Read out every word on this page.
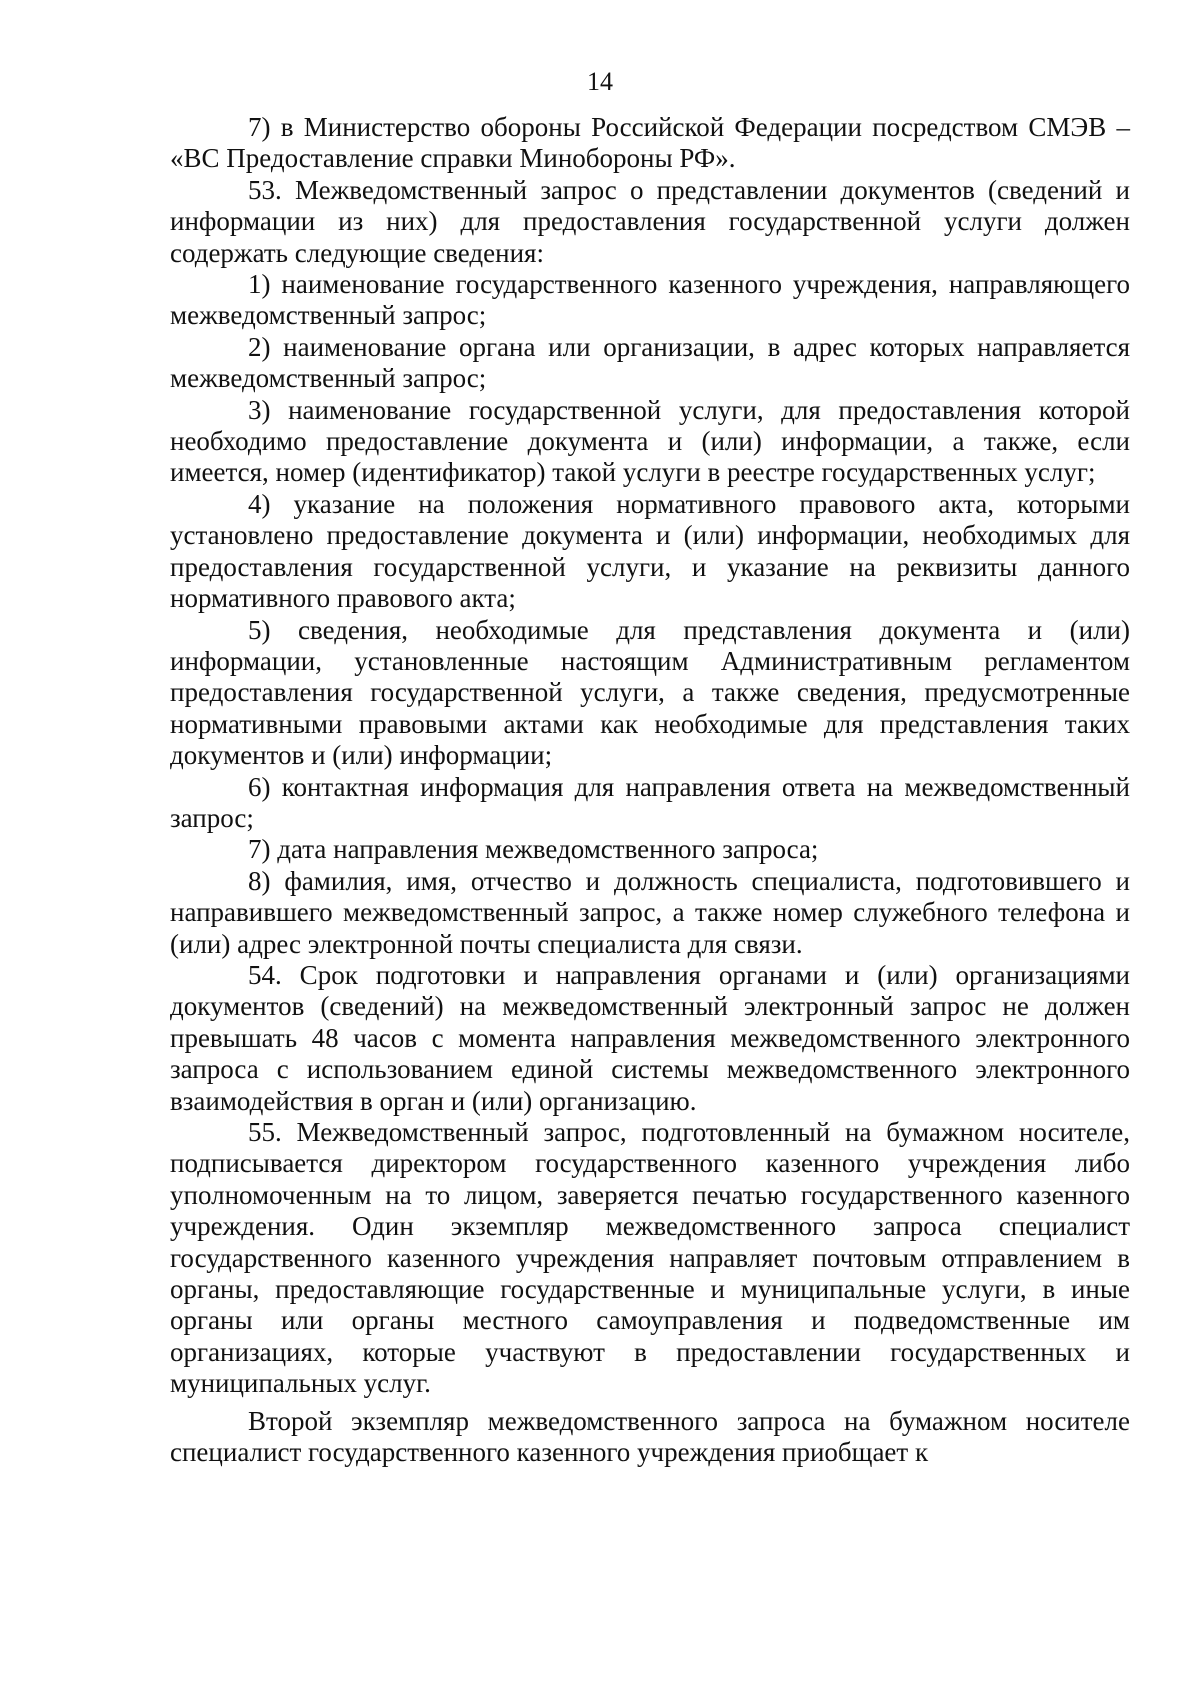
14

7) в Министерство обороны Российской Федерации посредством СМЭВ – «ВС Предоставление справки Минобороны РФ».

53. Межведомственный запрос о представлении документов (сведений и информации из них) для предоставления государственной услуги должен содержать следующие сведения:

1) наименование государственного казенного учреждения, направляющего межведомственный запрос;

2) наименование органа или организации, в адрес которых направляется межведомственный запрос;

3) наименование государственной услуги, для предоставления которой необходимо предоставление документа и (или) информации, а также, если имеется, номер (идентификатор) такой услуги в реестре государственных услуг;

4) указание на положения нормативного правового акта, которыми установлено предоставление документа и (или) информации, необходимых для предоставления государственной услуги, и указание на реквизиты данного нормативного правового акта;

5) сведения, необходимые для представления документа и (или) информации, установленные настоящим Административным регламентом предоставления государственной услуги, а также сведения, предусмотренные нормативными правовыми актами как необходимые для представления таких документов и (или) информации;

6) контактная информация для направления ответа на межведомственный запрос;

7) дата направления межведомственного запроса;

8) фамилия, имя, отчество и должность специалиста, подготовившего и направившего межведомственный запрос, а также номер служебного телефона и (или) адрес электронной почты специалиста для связи.

54. Срок подготовки и направления органами и (или) организациями документов (сведений) на межведомственный электронный запрос не должен превышать 48 часов с момента направления межведомственного электронного запроса с использованием единой системы межведомственного электронного взаимодействия в орган и (или) организацию.

55. Межведомственный запрос, подготовленный на бумажном носителе, подписывается директором государственного казенного учреждения либо уполномоченным на то лицом, заверяется печатью государственного казенного учреждения. Один экземпляр межведомственного запроса специалист государственного казенного учреждения направляет почтовым отправлением в органы, предоставляющие государственные и муниципальные услуги, в иные органы или органы местного самоуправления и подведомственные им организациях, которые участвуют в предоставлении государственных и муниципальных услуг.

Второй экземпляр межведомственного запроса на бумажном носителе специалист государственного казенного учреждения приобщает к
